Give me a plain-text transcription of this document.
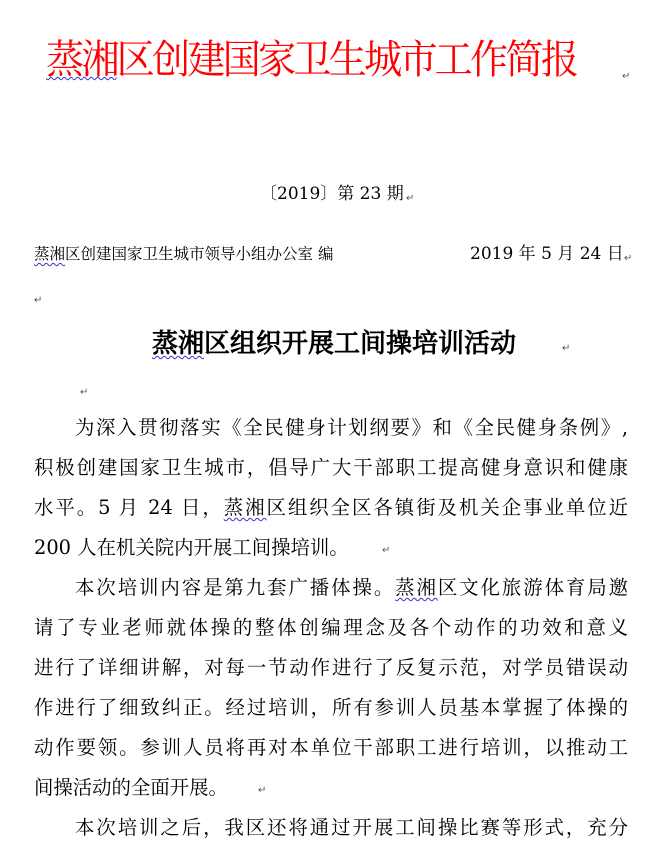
蒸湘区创建国家卫生城市工作简报	↵
〔2019〕第 23 期 ↵
蒸湘区创建国家卫生城市领导小组办公室 编	2019 年 5 月 24 日 ↵
↵
蒸湘区组织开展工间操培训活动	↵
↵
为深入贯彻落实《全民健身计划纲要》和《全民健身条例》,
积极创建国家卫生城市，倡导广大干部职工提高健身意识和健康
水平。5 月 24 日，蒸湘区组织全区各镇街及机关企事业单位近
200 人在机关院内开展工间操培训。	↵
本次培训内容是第九套广播体操。蒸湘区文化旅游体育局邀
请了专业老师就体操的整体创编理念及各个动作的功效和意义
进行了详细讲解，对每一节动作进行了反复示范，对学员错误动
作进行了细致纠正。经过培训，所有参训人员基本掌握了体操的
动作要领。参训人员将再对本单位干部职工进行培训，以推动工
间操活动的全面开展。	↵
本次培训之后，我区还将通过开展工间操比赛等形式，充分
